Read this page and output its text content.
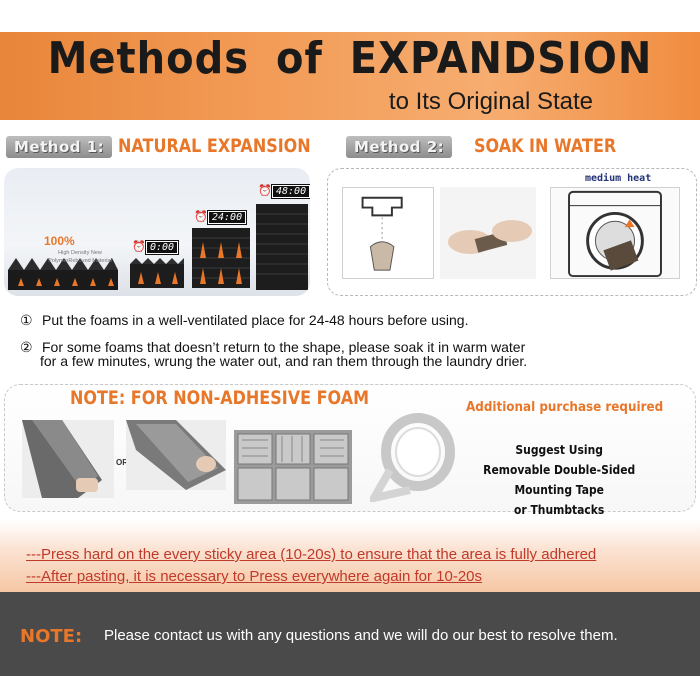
Methods of EXPANDSION
to Its Original State
Method 1: NATURAL EXPANSION	Method 2:	SOAK IN WATER
100%
High Density New PolymerRebound Material
⏰ 0:00
⏰ 24:00
⏰ 48:00
medium heat
① Put the foams in a well-ventilated place for 24-48 hours before using.
② For some foams that doesn’t return to the shape, please soak it in warm water
for a few minutes, wrung the water out, and ran them through the laundry drier.
NOTE: FOR NON-ADHESIVE FOAM
OR
Additional purchase required
Suggest Using
Removable Double-Sided Mounting Tape
or Thumbtacks
---Press hard on the every sticky area (10-20s) to ensure that the area is fully adhered
---After pasting, it is necessary to Press everywhere again for 10-20s
NOTE: Please contact us with any questions and we will do our best to resolve them.
